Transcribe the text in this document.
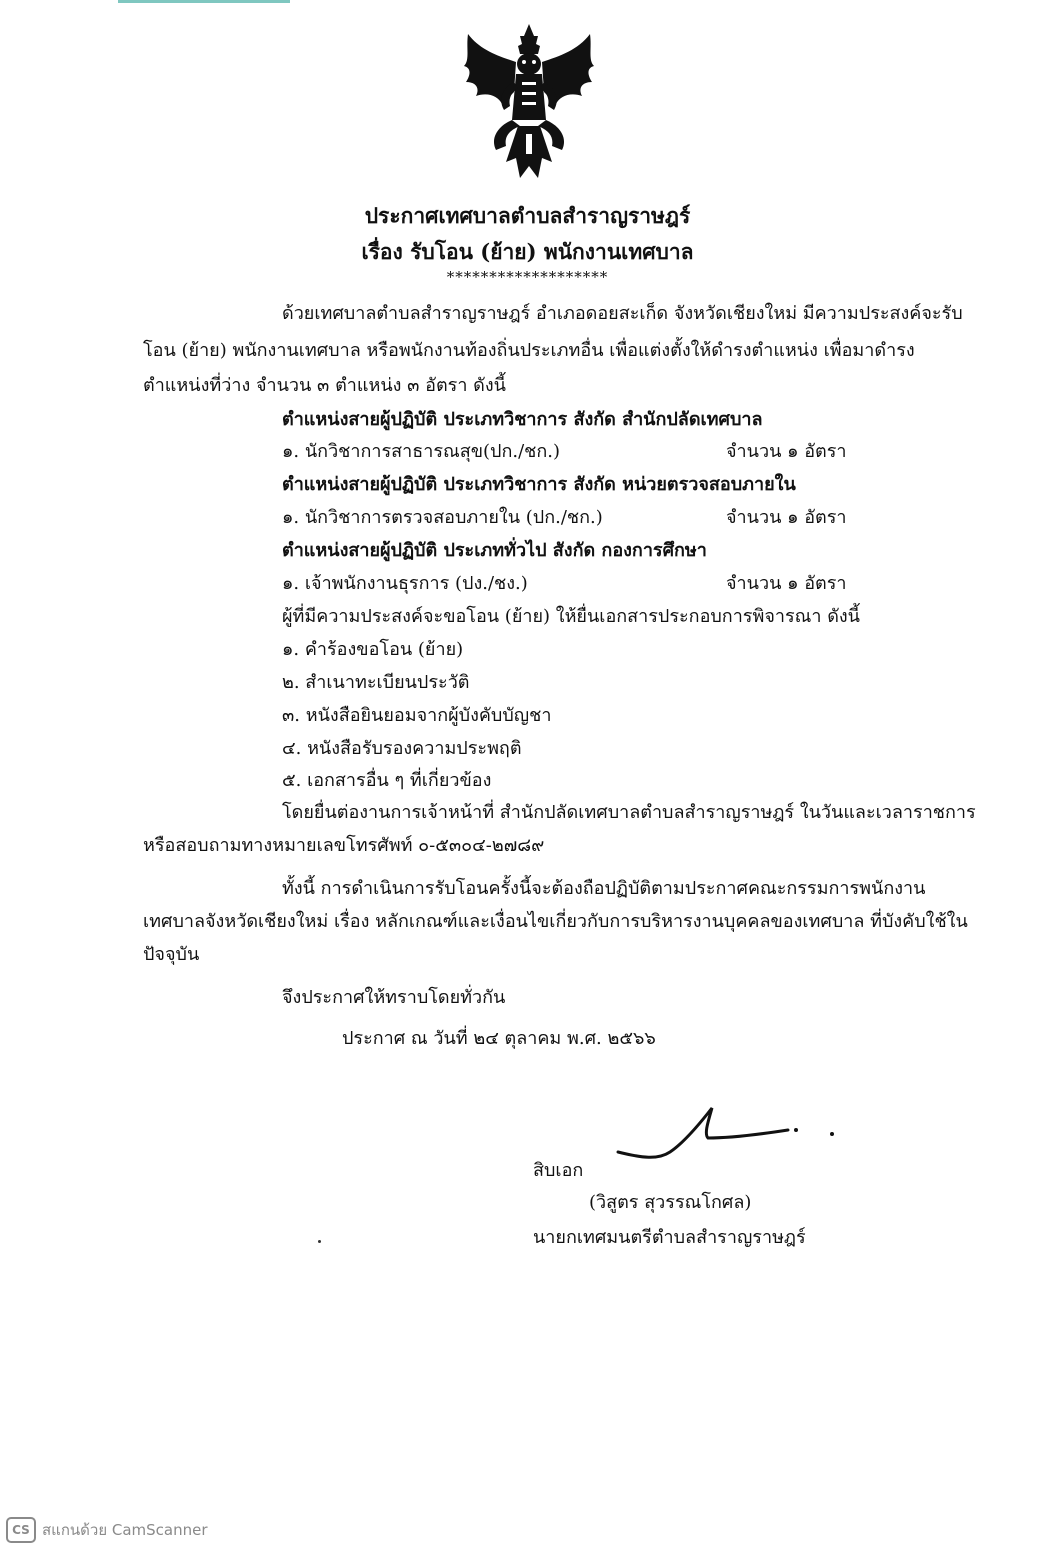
ประกาศเทศบาลตำบลสำราญราษฎร์
เรื่อง รับโอน (ย้าย) พนักงานเทศบาล
*******************
ด้วยเทศบาลตำบลสำราญราษฎร์ อำเภอดอยสะเก็ด จังหวัดเชียงใหม่ มีความประสงค์จะรับ
โอน (ย้าย) พนักงานเทศบาล หรือพนักงานท้องถิ่นประเภทอื่น เพื่อแต่งตั้งให้ดำรงตำแหน่ง เพื่อมาดำรง
ตำแหน่งที่ว่าง จำนวน ๓ ตำแหน่ง ๓ อัตรา ดังนี้
ตำแหน่งสายผู้ปฏิบัติ ประเภทวิชาการ สังกัด สำนักปลัดเทศบาล
๑. นักวิชาการสาธารณสุข(ปก./ชก.)	จำนวน ๑ อัตรา
ตำแหน่งสายผู้ปฏิบัติ ประเภทวิชาการ สังกัด หน่วยตรวจสอบภายใน
๑. นักวิชาการตรวจสอบภายใน (ปก./ชก.)	จำนวน ๑ อัตรา
ตำแหน่งสายผู้ปฏิบัติ ประเภททั่วไป สังกัด กองการศึกษา
๑. เจ้าพนักงานธุรการ (ปง./ชง.)	จำนวน ๑ อัตรา
ผู้ที่มีความประสงค์จะขอโอน (ย้าย) ให้ยื่นเอกสารประกอบการพิจารณา ดังนี้
๑. คำร้องขอโอน (ย้าย)
๒. สำเนาทะเบียนประวัติ
๓. หนังสือยินยอมจากผู้บังคับบัญชา
๔. หนังสือรับรองความประพฤติ
๕. เอกสารอื่น ๆ ที่เกี่ยวข้อง
โดยยื่นต่องานการเจ้าหน้าที่ สำนักปลัดเทศบาลตำบลสำราญราษฎร์ ในวันและเวลาราชการ
หรือสอบถามทางหมายเลขโทรศัพท์ ๐-๕๓๐๔-๒๗๘๙
ทั้งนี้ การดำเนินการรับโอนครั้งนี้จะต้องถือปฏิบัติตามประกาศคณะกรรมการพนักงาน
เทศบาลจังหวัดเชียงใหม่ เรื่อง หลักเกณฑ์และเงื่อนไขเกี่ยวกับการบริหารงานบุคคลของเทศบาล ที่บังคับใช้ใน
ปัจจุบัน
จึงประกาศให้ทราบโดยทั่วกัน
ประกาศ ณ วันที่ ๒๔ ตุลาคม พ.ศ. ๒๕๖๖
สิบเอก
(วิสูตร สุวรรณโกศล)
นายกเทศมนตรีตำบลสำราญราษฎร์
CS สแกนด้วย CamScanner
